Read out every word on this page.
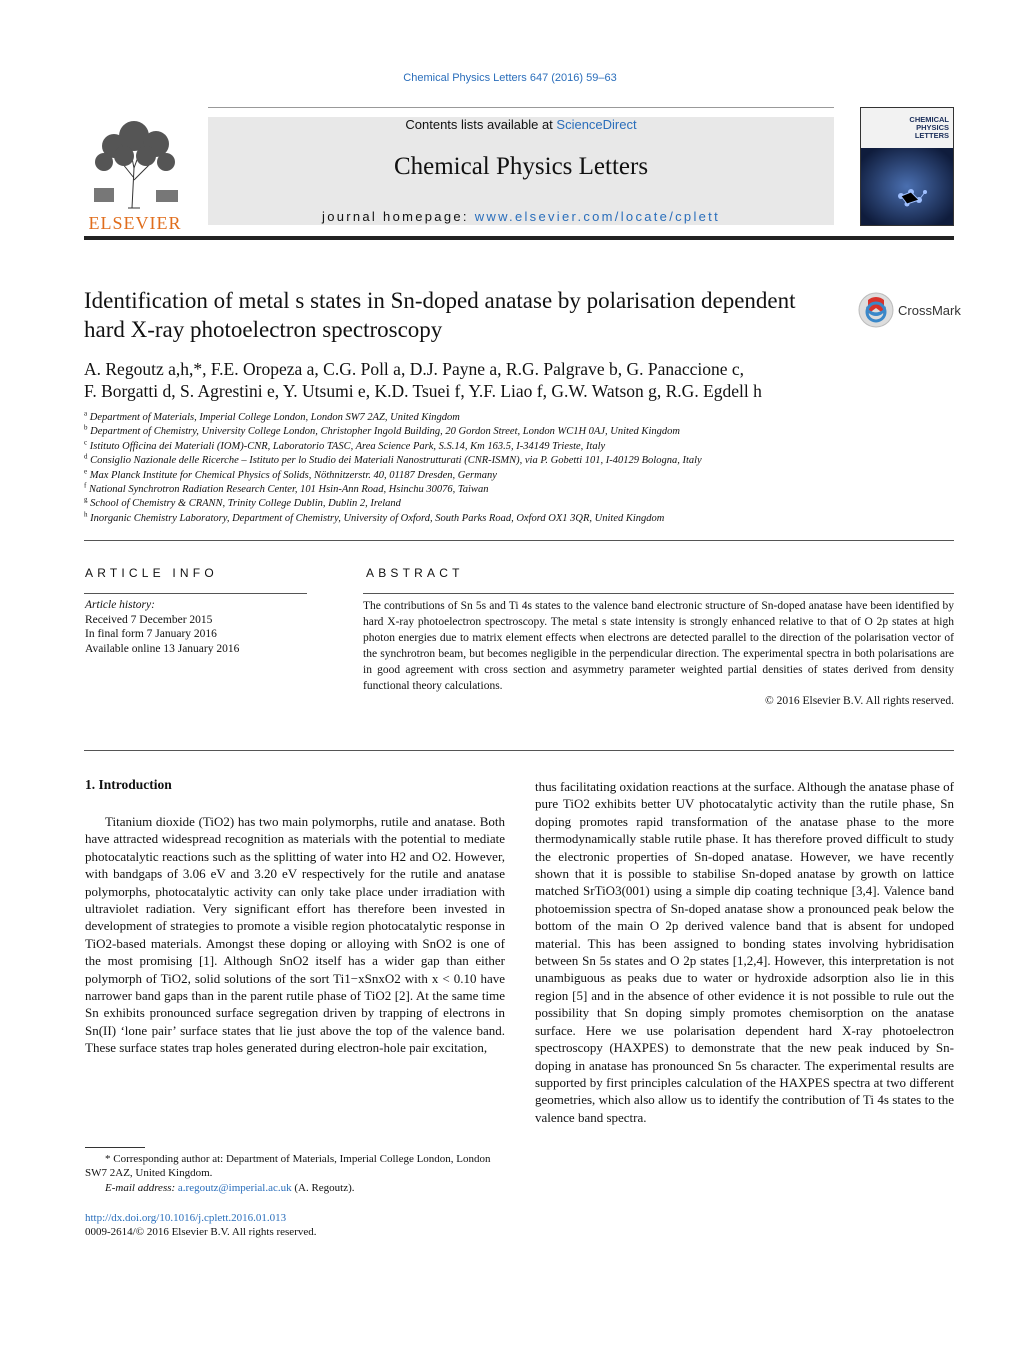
Chemical Physics Letters 647 (2016) 59–63
ELSEVIER
Contents lists available at ScienceDirect
Chemical Physics Letters
journal homepage: www.elsevier.com/locate/cplett
CHEMICAL PHYSICS LETTERS
Identification of metal s states in Sn-doped anatase by polarisation dependent hard X-ray photoelectron spectroscopy
CrossMark
A. Regoutz a,h,*, F.E. Oropeza a, C.G. Poll a, D.J. Payne a, R.G. Palgrave b, G. Panaccione c,
F. Borgatti d, S. Agrestini e, Y. Utsumi e, K.D. Tsuei f, Y.F. Liao f, G.W. Watson g, R.G. Egdell h
$^a$ Department of Materials, Imperial College London, London SW7 2AZ, United Kingdom
$^b$ Department of Chemistry, University College London, Christopher Ingold Building, 20 Gordon Street, London WC1H 0AJ, United Kingdom
$^c$ Istituto Officina dei Materiali (IOM)-CNR, Laboratorio TASC, Area Science Park, S.S.14, Km 163.5, I-34149 Trieste, Italy
$^d$ Consiglio Nazionale delle Ricerche – Istituto per lo Studio dei Materiali Nanostrutturati (CNR-ISMN), via P. Gobetti 101, I-40129 Bologna, Italy
$^e$ Max Planck Institute for Chemical Physics of Solids, Nöthnitzerstr. 40, 01187 Dresden, Germany
$^f$ National Synchrotron Radiation Research Center, 101 Hsin-Ann Road, Hsinchu 30076, Taiwan
$^g$ School of Chemistry & CRANN, Trinity College Dublin, Dublin 2, Ireland
$^h$ Inorganic Chemistry Laboratory, Department of Chemistry, University of Oxford, South Parks Road, Oxford OX1 3QR, United Kingdom
ARTICLE INFO
Article history:
Received 7 December 2015
In final form 7 January 2016
Available online 13 January 2016
ABSTRACT
The contributions of Sn 5s and Ti 4s states to the valence band electronic structure of Sn-doped anatase have been identified by hard X-ray photoelectron spectroscopy. The metal s state intensity is strongly enhanced relative to that of O 2p states at high photon energies due to matrix element effects when electrons are detected parallel to the direction of the polarisation vector of the synchrotron beam, but becomes negligible in the perpendicular direction. The experimental spectra in both polarisations are in good agreement with cross section and asymmetry parameter weighted partial densities of states derived from density functional theory calculations.
© 2016 Elsevier B.V. All rights reserved.
1. Introduction

Titanium dioxide (TiO2) has two main polymorphs, rutile and anatase. Both have attracted widespread recognition as materials with the potential to mediate photocatalytic reactions such as the splitting of water into H2 and O2. However, with bandgaps of 3.06 eV and 3.20 eV respectively for the rutile and anatase polymorphs, photocatalytic activity can only take place under irradiation with ultraviolet radiation. Very significant effort has therefore been invested in development of strategies to promote a visible region photocatalytic response in TiO2-based materials. Amongst these doping or alloying with SnO2 is one of the most promising [1]. Although SnO2 itself has a wider gap than either polymorph of TiO2, solid solutions of the sort Ti1−xSnxO2 with x < 0.10 have narrower band gaps than in the parent rutile phase of TiO2 [2]. At the same time Sn exhibits pronounced surface segregation driven by trapping of electrons in Sn(II) ‘lone pair’ surface states that lie just above the top of the valence band. These surface states trap holes generated during electron-hole pair excitation,

thus facilitating oxidation reactions at the surface. Although the anatase phase of pure TiO2 exhibits better UV photocatalytic activity than the rutile phase, Sn doping promotes rapid transformation of the anatase phase to the more thermodynamically stable rutile phase. It has therefore proved difficult to study the electronic properties of Sn-doped anatase. However, we have recently shown that it is possible to stabilise Sn-doped anatase by growth on lattice matched SrTiO3(001) using a simple dip coating technique [3,4]. Valence band photoemission spectra of Sn-doped anatase show a pronounced peak below the bottom of the main O 2p derived valence band that is absent for undoped material. This has been assigned to bonding states involving hybridisation between Sn 5s states and O 2p states [1,2,4]. However, this interpretation is not unambiguous as peaks due to water or hydroxide adsorption also lie in this region [5] and in the absence of other evidence it is not possible to rule out the possibility that Sn doping simply promotes chemisorption on the anatase surface. Here we use polarisation dependent hard X-ray photoelectron spectroscopy (HAXPES) to demonstrate that the new peak induced by Sn-doping in anatase has pronounced Sn 5s character. The experimental results are supported by first principles calculation of the HAXPES spectra at two different geometries, which also allow us to identify the contribution of Ti 4s states to the valence band spectra.

* Corresponding author at: Department of Materials, Imperial College London, London SW7 2AZ, United Kingdom.
E-mail address: a.regoutz@imperial.ac.uk (A. Regoutz).
http://dx.doi.org/10.1016/j.cplett.2016.01.013
0009-2614/© 2016 Elsevier B.V. All rights reserved.
